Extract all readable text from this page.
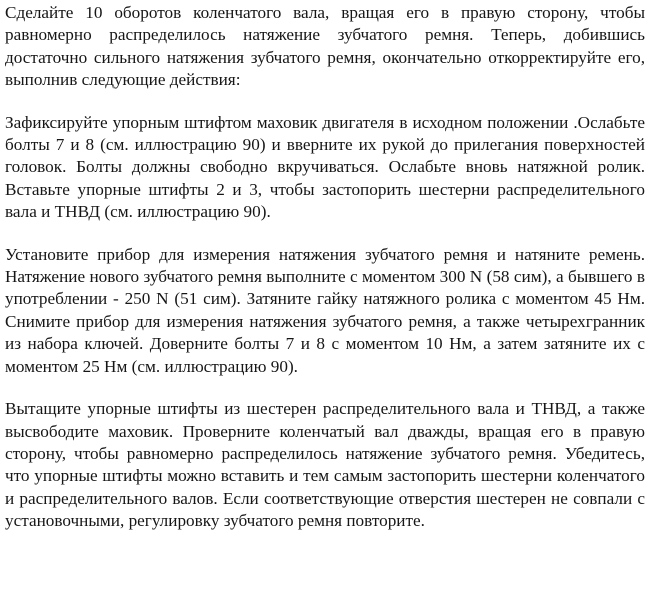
Сделайте 10 оборотов коленчатого вала, вращая его в правую сторону, чтобы равномерно распределилось натяжение зубчатого ремня. Теперь, добившись достаточно сильного натяжения зубчатого ремня, окончательно откорректируйте его, выполнив следующие действия:

Зафиксируйте упорным штифтом маховик двигателя в исходном положении .Ослабьте болты 7 и 8 (см. иллюстрацию 90) и вверните их рукой до прилегания поверхностей головок. Болты должны свободно вкручиваться. Ослабьте вновь натяжной ролик. Вставьте упорные штифты 2 и 3, чтобы застопорить шестерни распределительного вала и ТНВД (см. иллюстрацию 90).

Установите прибор для измерения натяжения зубчатого ремня и натяните ремень. Натяжение нового зубчатого ремня выполните с моментом 300 N (58 сим), а бывшего в употреблении - 250 N (51 сим). Затяните гайку натяжного ролика с моментом 45 Нм. Снимите прибор для измерения натяжения зубчатого ремня, а также четырехгранник из набора ключей. Доверните болты 7 и 8 с моментом 10 Нм, а затем затяните их с моментом 25 Нм (см. иллюстрацию 90).

Вытащите упорные штифты из шестерен распределительного вала и ТНВД, а также высвободите маховик. Проверните коленчатый вал дважды, вращая его в правую сторону, чтобы равномерно распределилось натяжение зубчатого ремня. Убедитесь, что упорные штифты можно вставить и тем самым застопорить шестерни коленчатого и распределительного валов. Если соответствующие отверстия шестерен не совпали с установочными, регулировку зубчатого ремня повторите.
